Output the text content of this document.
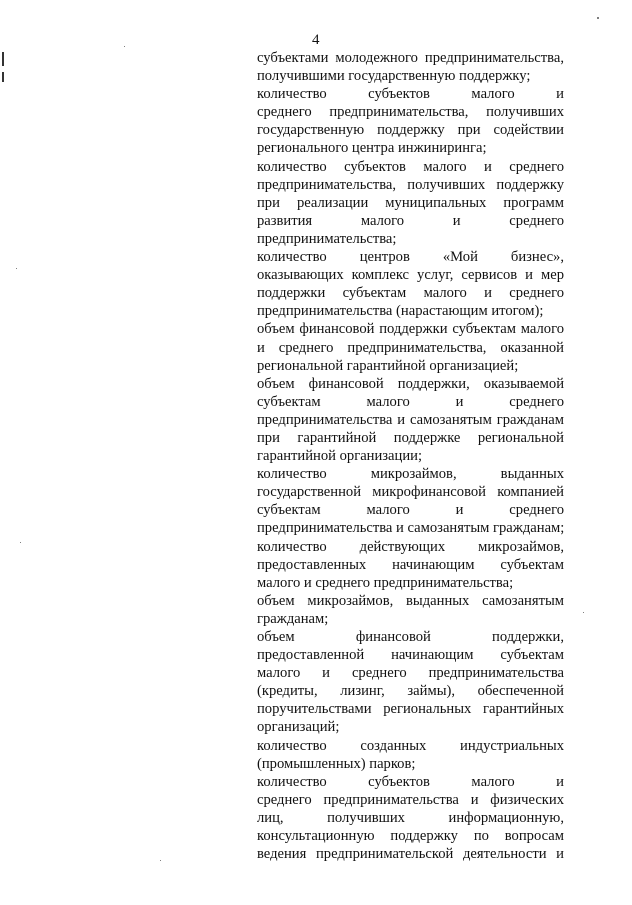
4
субъектами молодежного предпринимательства,
получившими государственную поддержку;
количество субъектов малого и
среднего предпринимательства, получивших
государственную поддержку при содействии
регионального центра инжиниринга;
количество субъектов малого и среднего
предпринимательства, получивших поддержку
при реализации муниципальных программ
развития малого и среднего
предпринимательства;
количество центров «Мой бизнес»,
оказывающих комплекс услуг, сервисов и мер
поддержки субъектам малого и среднего
предпринимательства (нарастающим итогом);
объем финансовой поддержки субъектам малого
и среднего предпринимательства, оказанной
региональной гарантийной организацией;
объем финансовой поддержки, оказываемой
субъектам малого и среднего
предпринимательства и самозанятым гражданам
при гарантийной поддержке региональной
гарантийной организации;
количество микрозаймов, выданных
государственной микрофинансовой компанией
субъектам малого и среднего
предпринимательства и самозанятым гражданам;
количество действующих микрозаймов,
предоставленных начинающим субъектам
малого и среднего предпринимательства;
объем микрозаймов, выданных самозанятым
гражданам;
объем финансовой поддержки,
предоставленной начинающим субъектам
малого и среднего предпринимательства
(кредиты, лизинг, займы), обеспеченной
поручительствами региональных гарантийных
организаций;
количество созданных индустриальных
(промышленных) парков;
количество субъектов малого и
среднего предпринимательства и физических
лиц, получивших информационную,
консультационную поддержку по вопросам
ведения предпринимательской деятельности и
